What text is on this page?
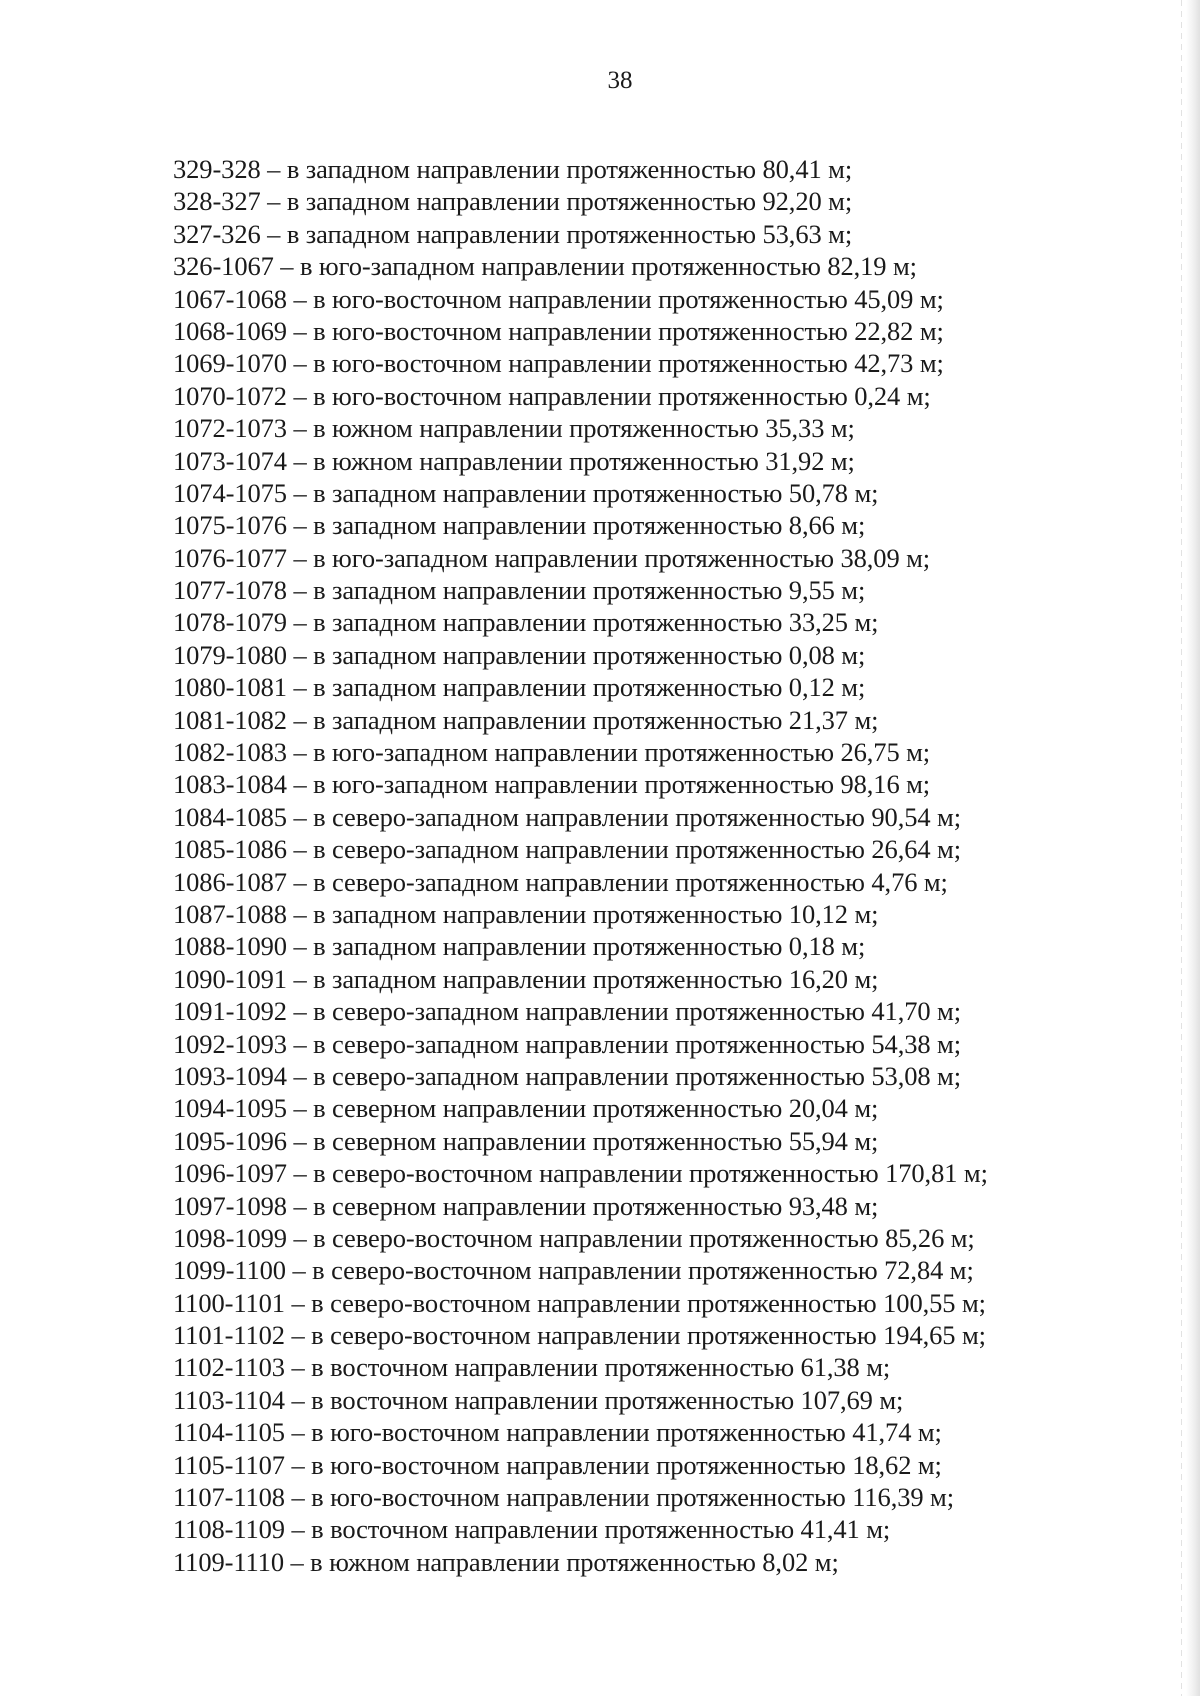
38
329-328 – в западном направлении протяженностью 80,41 м;
328-327 – в западном направлении протяженностью 92,20 м;
327-326 – в западном направлении протяженностью 53,63 м;
326-1067 – в юго-западном направлении протяженностью 82,19 м;
1067-1068 – в юго-восточном направлении протяженностью 45,09 м;
1068-1069 – в юго-восточном направлении протяженностью 22,82 м;
1069-1070 – в юго-восточном направлении протяженностью 42,73 м;
1070-1072 – в юго-восточном направлении протяженностью 0,24 м;
1072-1073 – в южном направлении протяженностью 35,33 м;
1073-1074 – в южном направлении протяженностью 31,92 м;
1074-1075 – в западном направлении протяженностью 50,78 м;
1075-1076 – в западном направлении протяженностью 8,66 м;
1076-1077 – в юго-западном направлении протяженностью 38,09 м;
1077-1078 – в западном направлении протяженностью 9,55 м;
1078-1079 – в западном направлении протяженностью 33,25 м;
1079-1080 – в западном направлении протяженностью 0,08 м;
1080-1081 – в западном направлении протяженностью 0,12 м;
1081-1082 – в западном направлении протяженностью 21,37 м;
1082-1083 – в юго-западном направлении протяженностью 26,75 м;
1083-1084 – в юго-западном направлении протяженностью 98,16 м;
1084-1085 – в северо-западном направлении протяженностью 90,54 м;
1085-1086 – в северо-западном направлении протяженностью 26,64 м;
1086-1087 – в северо-западном направлении протяженностью 4,76 м;
1087-1088 – в западном направлении протяженностью 10,12 м;
1088-1090 – в западном направлении протяженностью 0,18 м;
1090-1091 – в западном направлении протяженностью 16,20 м;
1091-1092 – в северо-западном направлении протяженностью 41,70 м;
1092-1093 – в северо-западном направлении протяженностью 54,38 м;
1093-1094 – в северо-западном направлении протяженностью 53,08 м;
1094-1095 – в северном направлении протяженностью 20,04 м;
1095-1096 – в северном направлении протяженностью 55,94 м;
1096-1097 – в северо-восточном направлении протяженностью 170,81 м;
1097-1098 – в северном направлении протяженностью 93,48 м;
1098-1099 – в северо-восточном направлении протяженностью 85,26 м;
1099-1100 – в северо-восточном направлении протяженностью 72,84 м;
1100-1101 – в северо-восточном направлении протяженностью 100,55 м;
1101-1102 – в северо-восточном направлении протяженностью 194,65 м;
1102-1103 – в восточном направлении протяженностью 61,38 м;
1103-1104 – в восточном направлении протяженностью 107,69 м;
1104-1105 – в юго-восточном направлении протяженностью 41,74 м;
1105-1107 – в юго-восточном направлении протяженностью 18,62 м;
1107-1108 – в юго-восточном направлении протяженностью 116,39 м;
1108-1109 – в восточном направлении протяженностью 41,41 м;
1109-1110 – в южном направлении протяженностью 8,02 м;
